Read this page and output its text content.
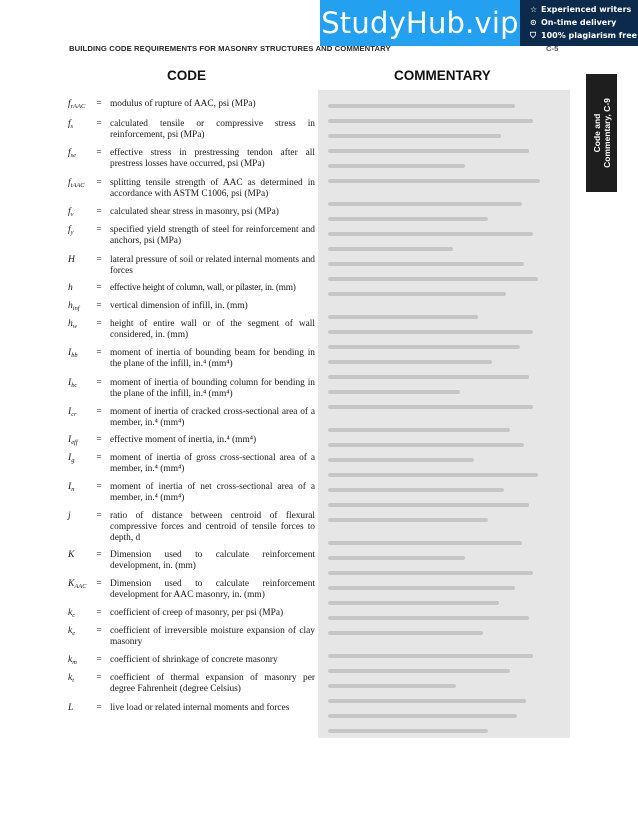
StudyHub.vip ☆ Experienced writers
⊙ On-time delivery
⛉ 100% plagiarism free
BUILDING CODE REQUIREMENTS FOR MASONRY STRUCTURES AND COMMENTARY	C-5
CODE	COMMENTARY
Code and Commentary, C-9
$f_{rAAC}$	= modulus of rupture of AAC, psi (MPa)
$f_s$	= calculated tensile or compressive stress in reinforcement, psi (MPa)
$f_{se}$	= effective stress in prestressing tendon after all prestress losses have occurred, psi (MPa)
$f_{tAAC}$	= splitting tensile strength of AAC as determined in accordance with ASTM C1006, psi (MPa)
$f_v$	= calculated shear stress in masonry, psi (MPa)
$f_y$	= specified yield strength of steel for reinforcement and anchors, psi (MPa)
H	= lateral pressure of soil or related internal moments and forces
h	= effective height of column, wall, or pilaster, in. (mm)
$h_{inf}$	= vertical dimension of infill, in. (mm)
$h_w$	= height of entire wall or of the segment of wall considered, in. (mm)
$I_{bb}$	= moment of inertia of bounding beam for bending in the plane of the infill, in.⁴ (mm⁴)
$I_{bc}$	= moment of inertia of bounding column for bending in the plane of the infill, in.⁴ (mm⁴)
$I_{cr}$	= moment of inertia of cracked cross-sectional area of a member, in.⁴ (mm⁴)
$I_{eff}$	= effective moment of inertia, in.⁴ (mm⁴)
$I_g$	= moment of inertia of gross cross-sectional area of a member, in.⁴ (mm⁴)
$I_n$	= moment of inertia of net cross-sectional area of a member, in.⁴ (mm⁴)
j	= ratio of distance between centroid of flexural compressive forces and centroid of tensile forces to depth, d
K	= Dimension used to calculate reinforcement development, in. (mm)
$K_{AAC}$	= Dimension used to calculate reinforcement development for AAC masonry, in. (mm)
$k_c$	= coefficient of creep of masonry, per psi (MPa)
$k_e$	= coefficient of irreversible moisture expansion of clay masonry
$k_m$	= coefficient of shrinkage of concrete masonry
$k_t$	= coefficient of thermal expansion of masonry per degree Fahrenheit (degree Celsius)
L	= live load or related internal moments and forces
